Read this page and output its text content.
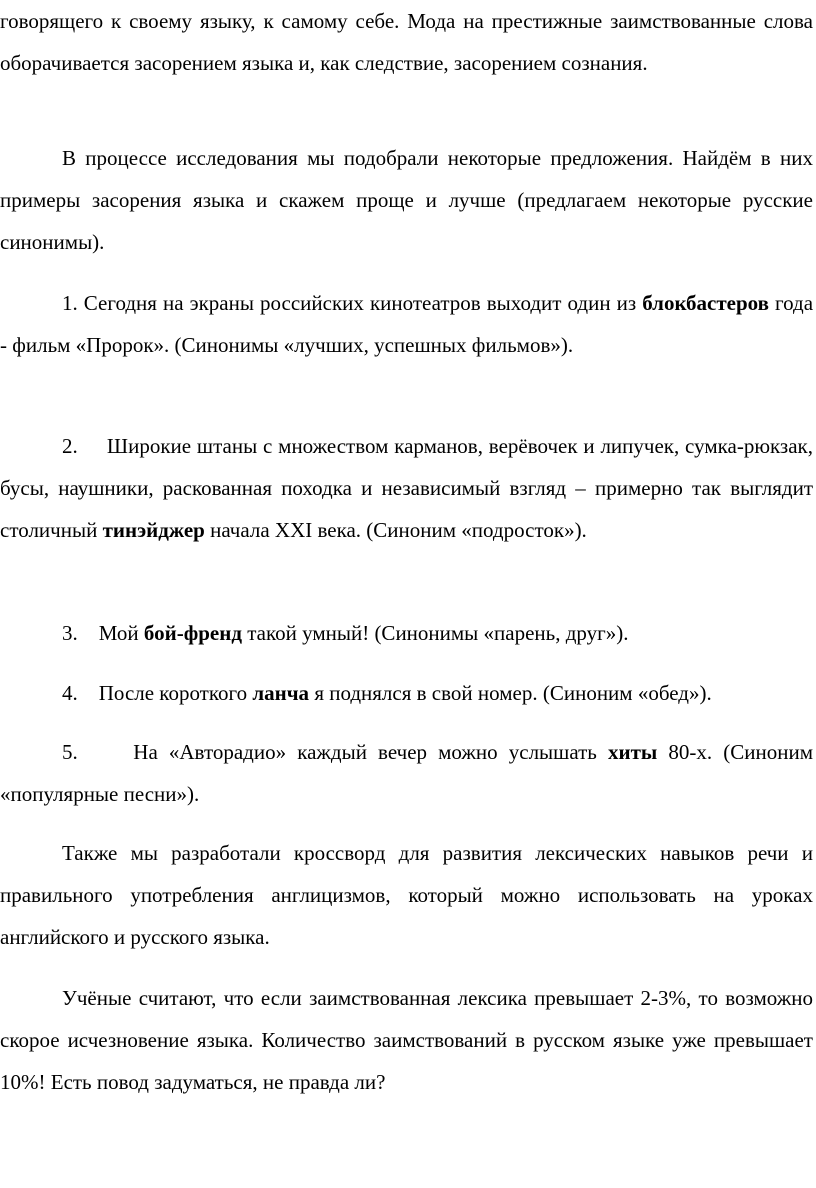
говорящего к своему языку, к самому себе. Мода на престижные заимствованные слова оборачивается засорением языка и, как следствие, засорением сознания.

В процессе исследования мы подобрали некоторые предложения. Найдём в них примеры засорения языка и скажем проще и лучше (предлагаем некоторые русские синонимы).

1. Сегодня на экраны российских кинотеатров выходит один из блокбастеров года - фильм «Пророк». (Синонимы «лучших, успешных фильмов»).

2. Широкие штаны с множеством карманов, верёвочек и липучек, сумка-рюкзак, бусы, наушники, раскованная походка и независимый взгляд – примерно так выглядит столичный тинэйджер начала XXI века. (Синоним «подросток»).

3. Мой бой-френд такой умный! (Синонимы «парень, друг»).

4. После короткого ланча я поднялся в свой номер. (Синоним «обед»).

5.	На «Авторадио» каждый вечер можно услышать хиты 80-х. (Синоним «популярные песни»).

Также мы разработали кроссворд для развития лексических навыков речи и правильного употребления англицизмов, который можно использовать на уроках английского и русского языка.

Учёные считают, что если заимствованная лексика превышает 2-3%, то возможно скорое исчезновение языка. Количество заимствований в русском языке уже превышает 10%! Есть повод задуматься, не правда ли?
